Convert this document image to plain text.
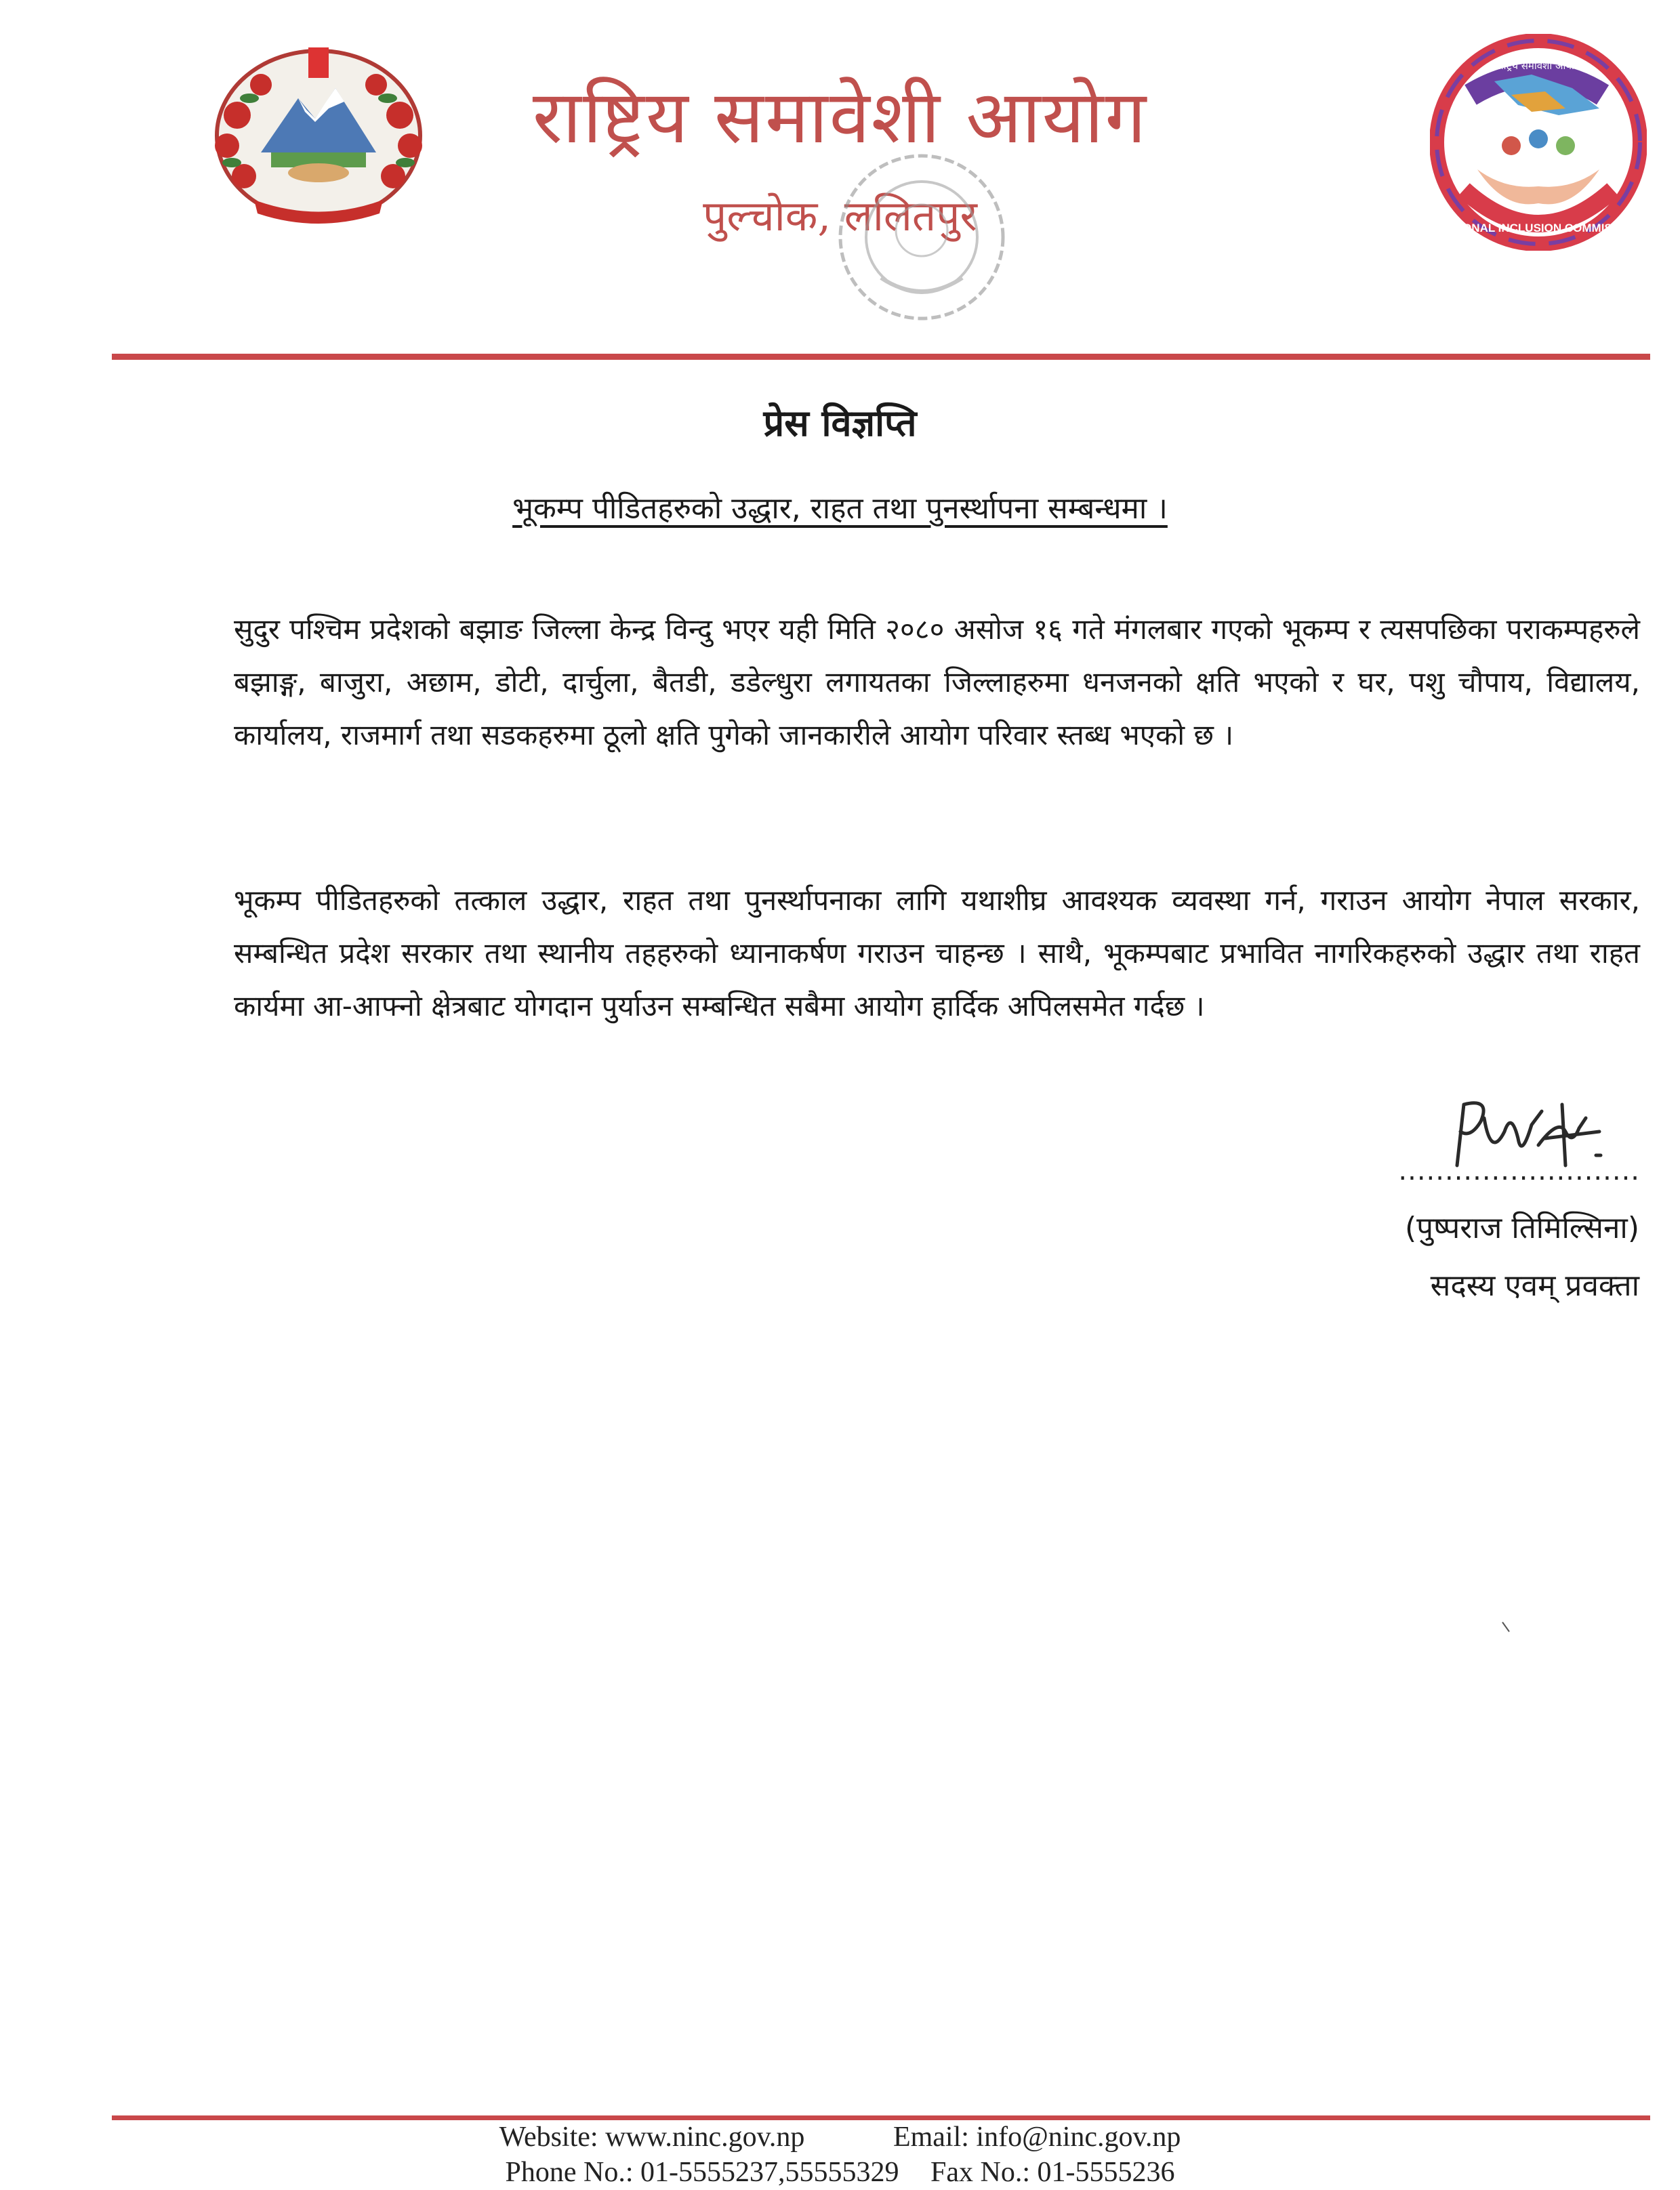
राष्ट्रिय समावेशी आयोग
पुल्चोक, ललितपुर	NATIONAL INCLUSION COMMISSION
राष्ट्रिय समावेशी आयोग
प्रेस विज्ञप्ति
भूकम्प पीडितहरुको उद्धार, राहत तथा पुनर्स्थापना सम्बन्धमा ।
सुदुर पश्चिम प्रदेशको बझाङ जिल्ला केन्द्र विन्दु भएर यही मिति २०८० असोज १६ गते मंगलबार गएको भूकम्प र त्यसपछिका पराकम्पहरुले बझाङ्ग, बाजुरा, अछाम, डोटी, दार्चुला, बैतडी, डडेल्धुरा लगायतका जिल्लाहरुमा धनजनको क्षति भएको र घर, पशु चौपाय, विद्यालय, कार्यालय, राजमार्ग तथा सडकहरुमा ठूलो क्षति पुगेको जानकारीले आयोग परिवार स्तब्ध भएको छ ।
भूकम्प पीडितहरुको तत्काल उद्धार, राहत तथा पुनर्स्थापनाका लागि यथाशीघ्र आवश्यक व्यवस्था गर्न, गराउन आयोग नेपाल सरकार, सम्बन्धित प्रदेश सरकार तथा स्थानीय तहहरुको ध्यानाकर्षण गराउन चाहन्छ । साथै, भूकम्पबाट प्रभावित नागरिकहरुको उद्धार तथा राहत कार्यमा आ-आफ्नो क्षेत्रबाट योगदान पुर्याउन सम्बन्धित सबैमा आयोग हार्दिक अपिलसमेत गर्दछ ।
..........................
(पुष्पराज तिमिल्सिना)
सदस्य एवम् प्रवक्ता
Website: www.ninc.gov.np	Email: info@ninc.gov.np
Phone No.: 01-5555237,55555329 Fax No.: 01-5555236
